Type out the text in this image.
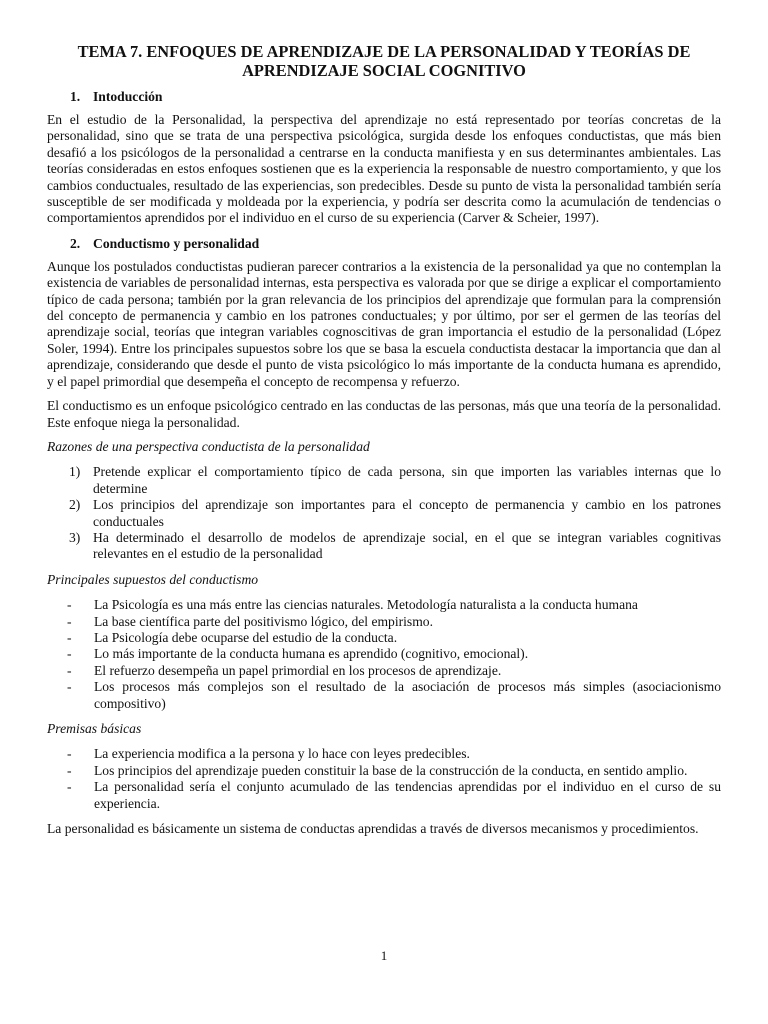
TEMA 7. ENFOQUES DE APRENDIZAJE DE LA PERSONALIDAD Y TEORÍAS DE APRENDIZAJE SOCIAL COGNITIVO
1. Intoducción

En el estudio de la Personalidad, la perspectiva del aprendizaje no está representado por teorías concretas de la personalidad, sino que se trata de una perspectiva psicológica, surgida desde los enfoques conductistas, que más bien desafió a los psicólogos de la personalidad a centrarse en la conducta manifiesta y en sus determinantes ambientales. Las teorías consideradas en estos enfoques sostienen que es la experiencia la responsable de nuestro comportamiento, y que los cambios conductuales, resultado de las experiencias, son predecibles. Desde su punto de vista la personalidad también sería susceptible de ser modificada y moldeada por la experiencia, y podría ser descrita como la acumulación de tendencias o comportamientos aprendidos por el individuo en el curso de su experiencia (Carver & Scheier, 1997).

2. Conductismo y personalidad

Aunque los postulados conductistas pudieran parecer contrarios a la existencia de la personalidad ya que no contemplan la existencia de variables de personalidad internas, esta perspectiva es valorada por que se dirige a explicar el comportamiento típico de cada persona; también por la gran relevancia de los principios del aprendizaje que formulan para la comprensión del concepto de permanencia y cambio en los patrones conductuales; y por último, por ser el germen de las teorías del aprendizaje social, teorías que integran variables cognoscitivas de gran importancia el estudio de la personalidad (López Soler, 1994). Entre los principales supuestos sobre los que se basa la escuela conductista destacar la importancia que dan al aprendizaje, considerando que desde el punto de vista psicológico lo más importante de la conducta humana es aprendido, y el papel primordial que desempeña el concepto de recompensa y refuerzo.

El conductismo es un enfoque psicológico centrado en las conductas de las personas, más que una teoría de la personalidad. Este enfoque niega la personalidad.

Razones de una perspectiva conductista de la personalidad

1) Pretende explicar el comportamiento típico de cada persona, sin que importen las variables internas que lo determine
2) Los principios del aprendizaje son importantes para el concepto de permanencia y cambio en los patrones conductuales
3) Ha determinado el desarrollo de modelos de aprendizaje social, en el que se integran variables cognitivas relevantes en el estudio de la personalidad

Principales supuestos del conductismo

-	La Psicología es una más entre las ciencias naturales. Metodología naturalista a la conducta humana
-	La base científica parte del positivismo lógico, del empirismo.
-	La Psicología debe ocuparse del estudio de la conducta.
-	Lo más importante de la conducta humana es aprendido (cognitivo, emocional).
-	El refuerzo desempeña un papel primordial en los procesos de aprendizaje.
-	Los procesos más complejos son el resultado de la asociación de procesos más simples (asociacionismo compositivo)

Premisas básicas

-	La experiencia modifica a la persona y lo hace con leyes predecibles.
-	Los principios del aprendizaje pueden constituir la base de la construcción de la conducta, en sentido amplio.
-	La personalidad sería el conjunto acumulado de las tendencias aprendidas por el individuo en el curso de su experiencia.

La personalidad es básicamente un sistema de conductas aprendidas a través de diversos mecanismos y procedimientos.

1
